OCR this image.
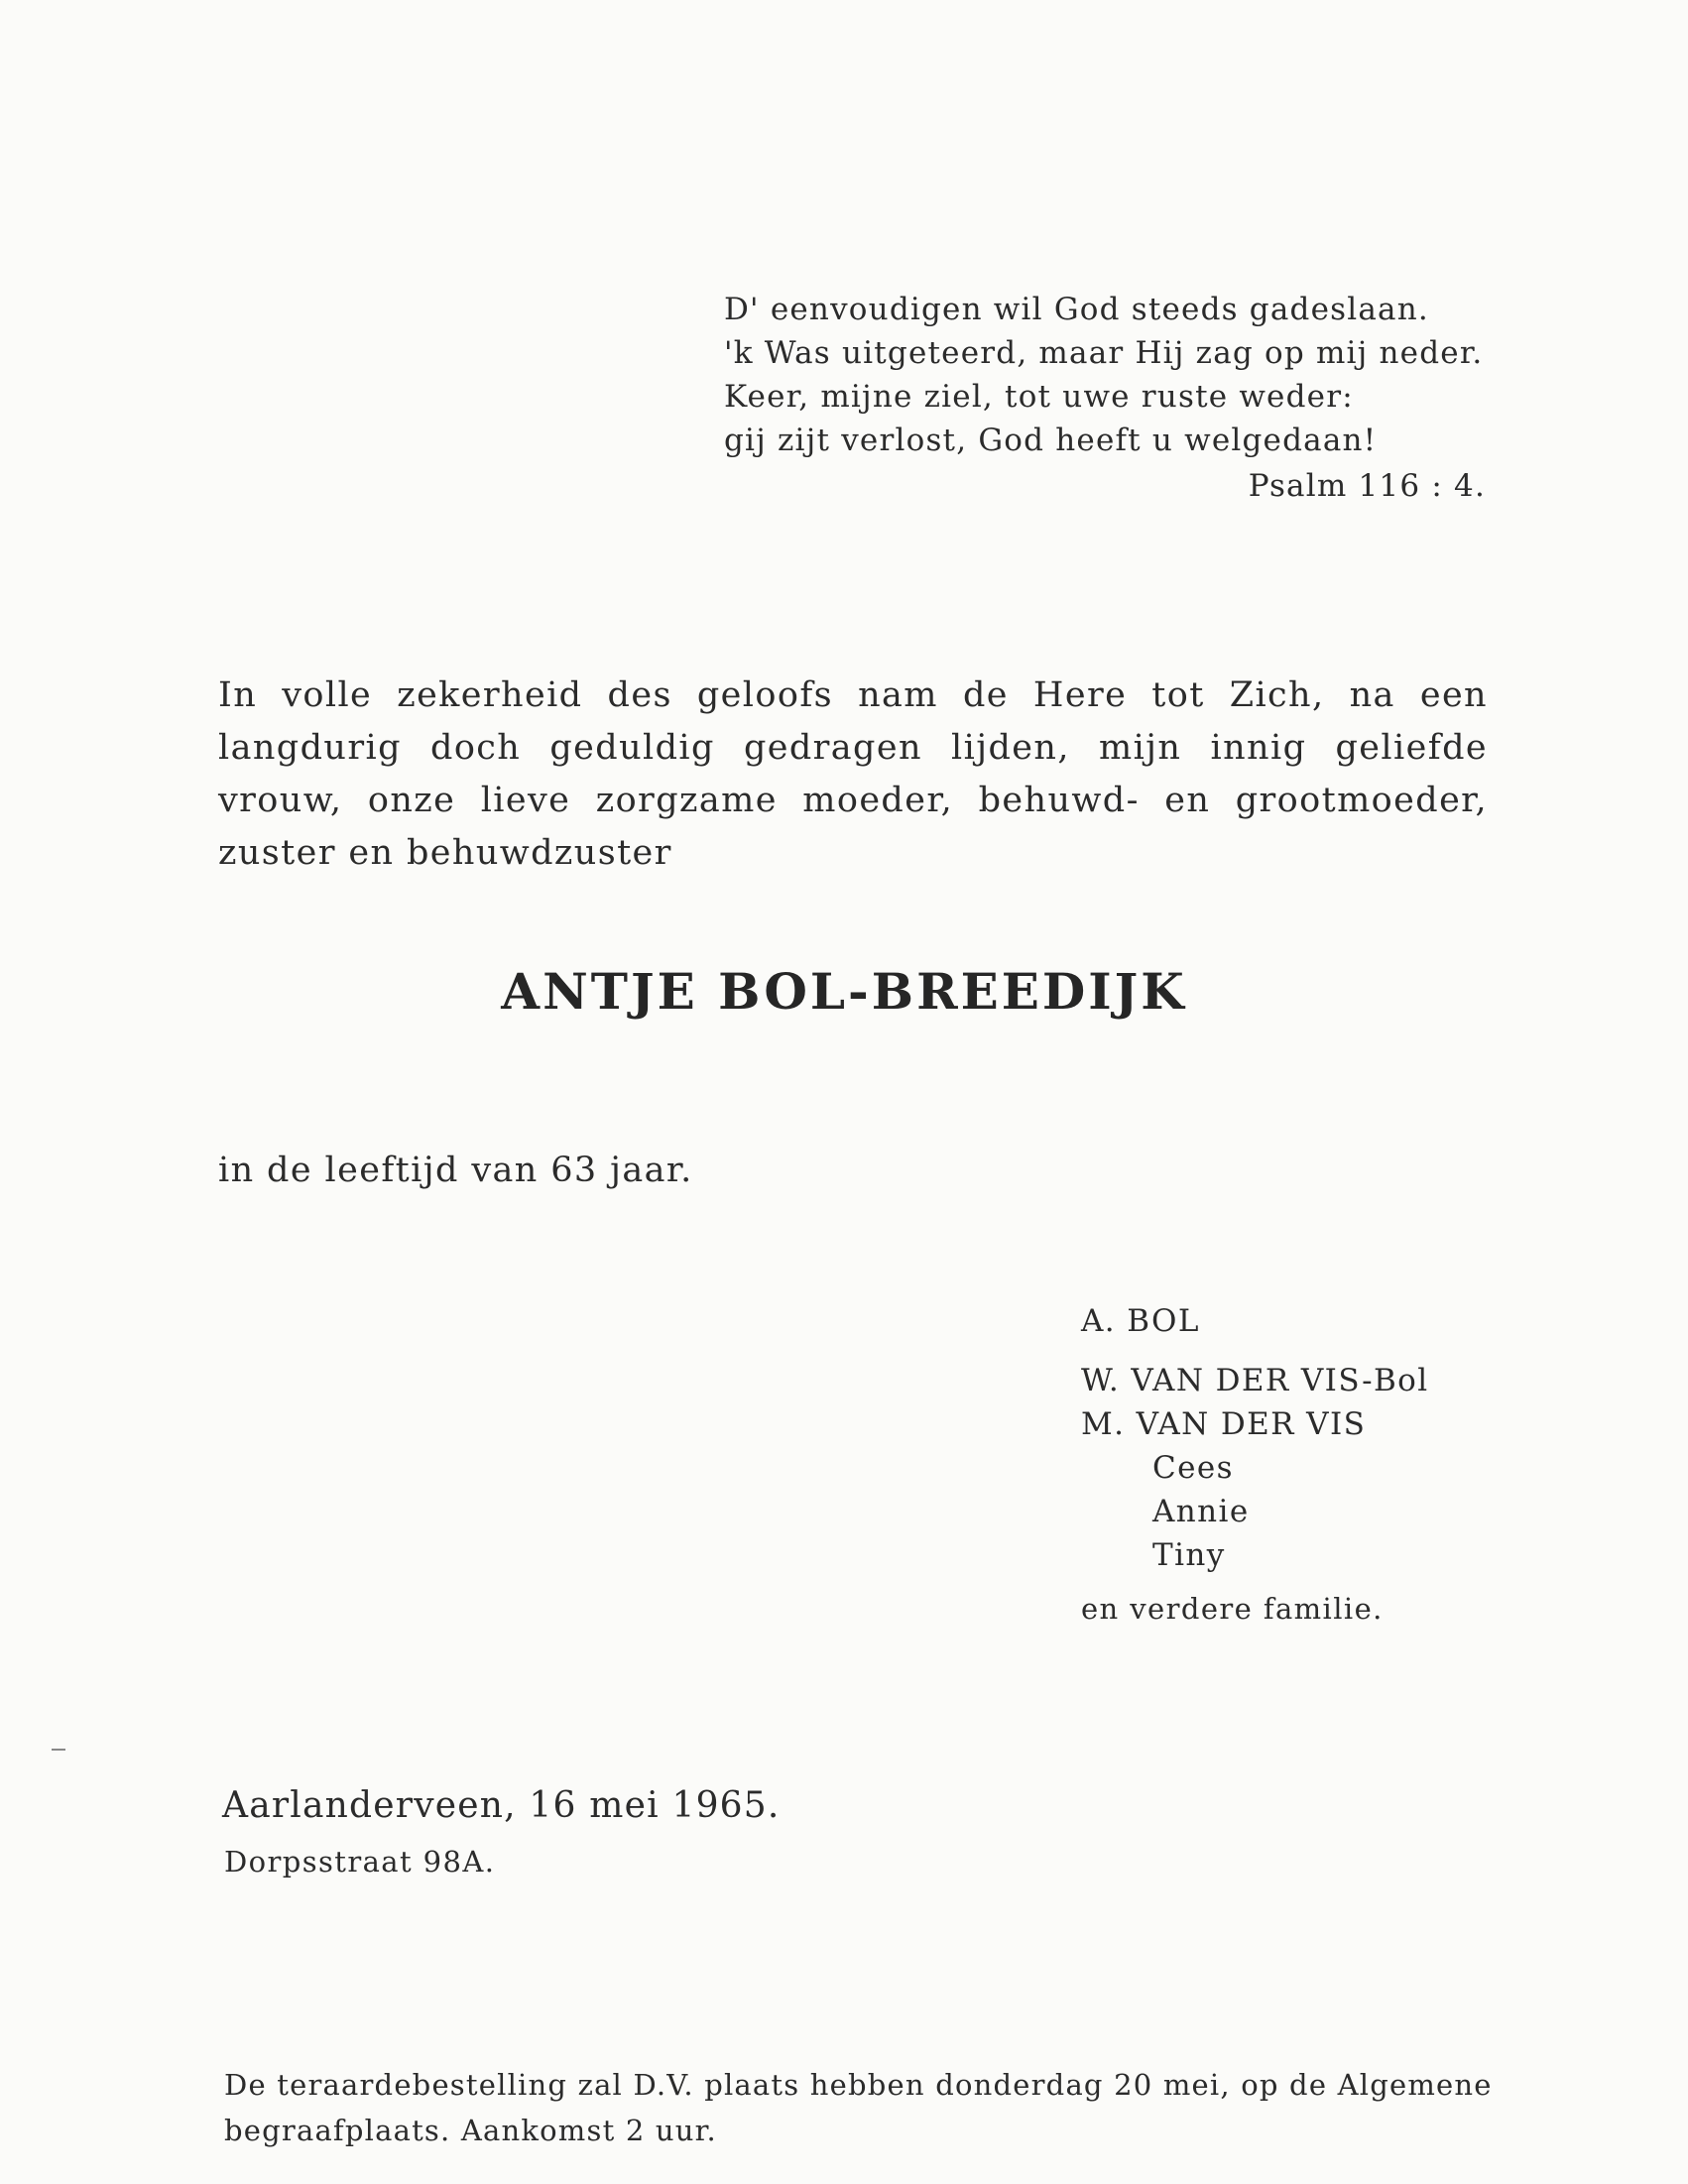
D' eenvoudigen wil God steeds gadeslaan.
'k Was uitgeteerd, maar Hij zag op mij neder.
Keer, mijne ziel, tot uwe ruste weder:
gij zijt verlost, God heeft u welgedaan!
Psalm 116 : 4.

In volle zekerheid des geloofs nam de Here tot Zich, na een langdurig doch geduldig gedragen lijden, mijn innig geliefde vrouw, onze lieve zorgzame moeder, behuwd- en grootmoeder, zuster en behuwdzuster

ANTJE BOL-BREEDIJK
in de leeftijd van 63 jaar.
A. BOL
W. VAN DER VIS-Bol
M. VAN DER VIS
Cees
Annie
Tiny
en verdere familie.
Aarlanderveen, 16 mei 1965.
Dorpsstraat 98A.

De teraardebestelling zal D.V. plaats hebben donderdag 20 mei, op de Algemene begraafplaats. Aankomst 2 uur.
